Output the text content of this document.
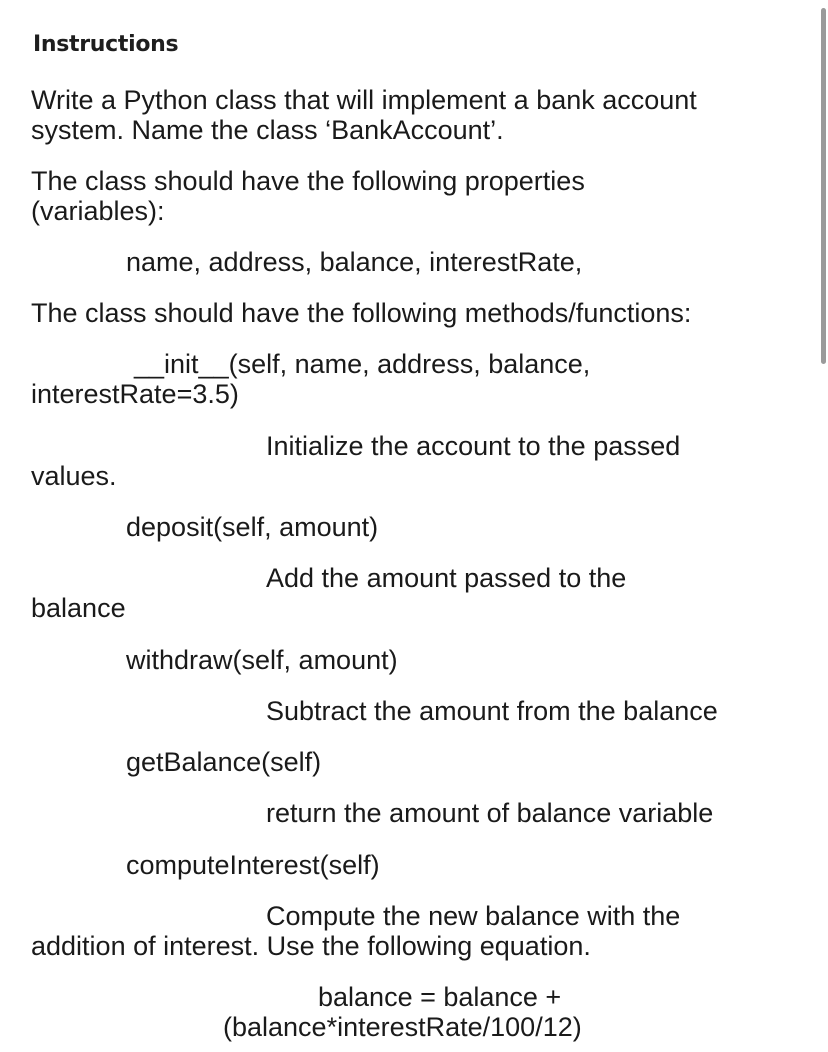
Instructions
Write a Python class that will implement a bank account
system. Name the class ‘BankAccount’.
The class should have the following properties
(variables):
name, address, balance, interestRate,
The class should have the following methods/functions:
__init__(self, name, address, balance,
interestRate=3.5)
Initialize the account to the passed
values.
deposit(self, amount)
Add the amount passed to the
balance
withdraw(self, amount)
Subtract the amount from the balance
getBalance(self)
return the amount of balance variable
computeInterest(self)
Compute the new balance with the
addition of interest. Use the following equation.
balance = balance +
(balance*interestRate/100/12)
